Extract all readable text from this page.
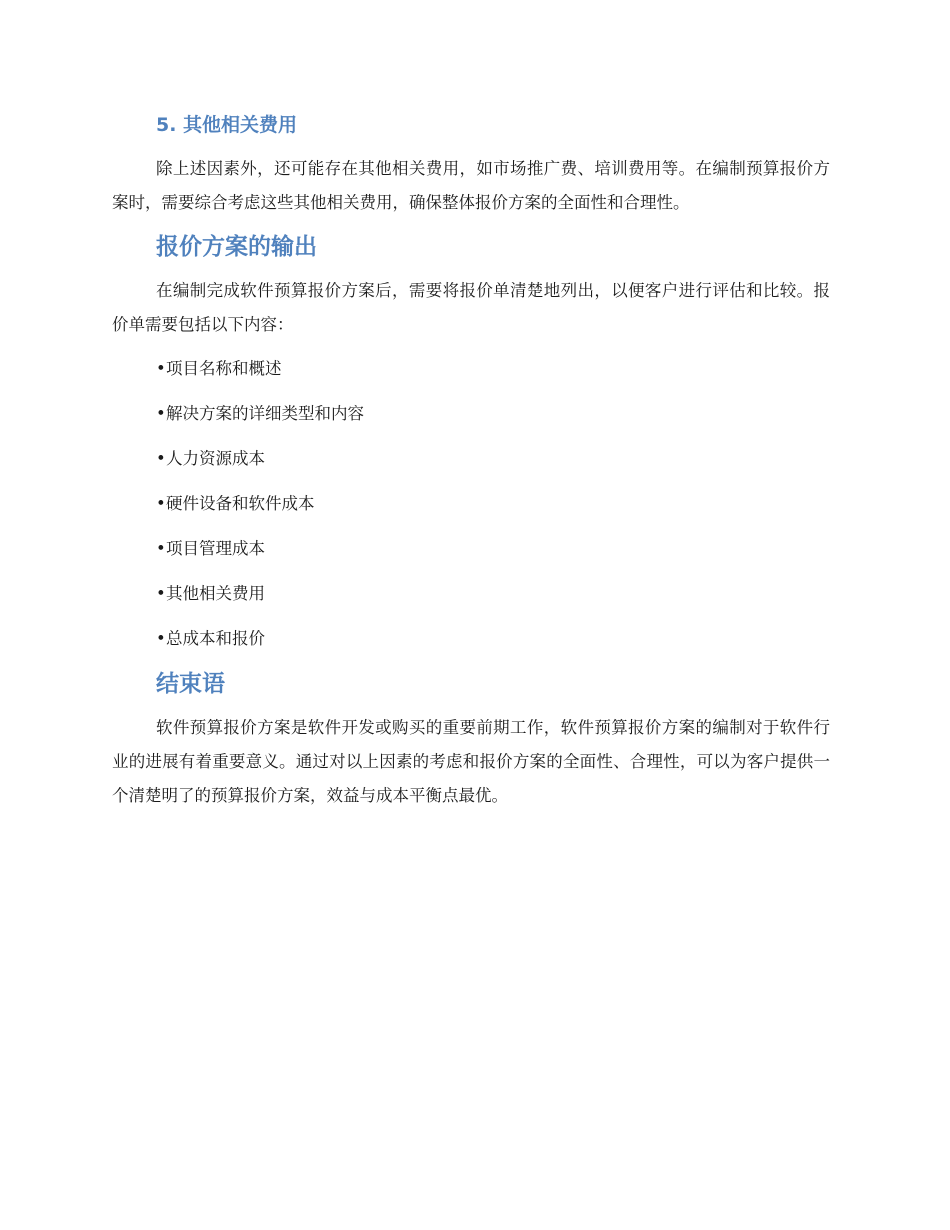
5. 其他相关费用

除上述因素外，还可能存在其他相关费用，如市场推广费、培训费用等。在编制预算报价方案时，需要综合考虑这些其他相关费用，确保整体报价方案的全面性和合理性。

报价方案的输出

在编制完成软件预算报价方案后，需要将报价单清楚地列出，以便客户进行评估和比较。报价单需要包括以下内容：

•项目名称和概述
•解决方案的详细类型和内容
•人力资源成本
•硬件设备和软件成本
•项目管理成本
•其他相关费用
•总成本和报价
结束语

软件预算报价方案是软件开发或购买的重要前期工作，软件预算报价方案的编制对于软件行业的进展有着重要意义。通过对以上因素的考虑和报价方案的全面性、合理性，可以为客户提供一个清楚明了的预算报价方案，效益与成本平衡点最优。
